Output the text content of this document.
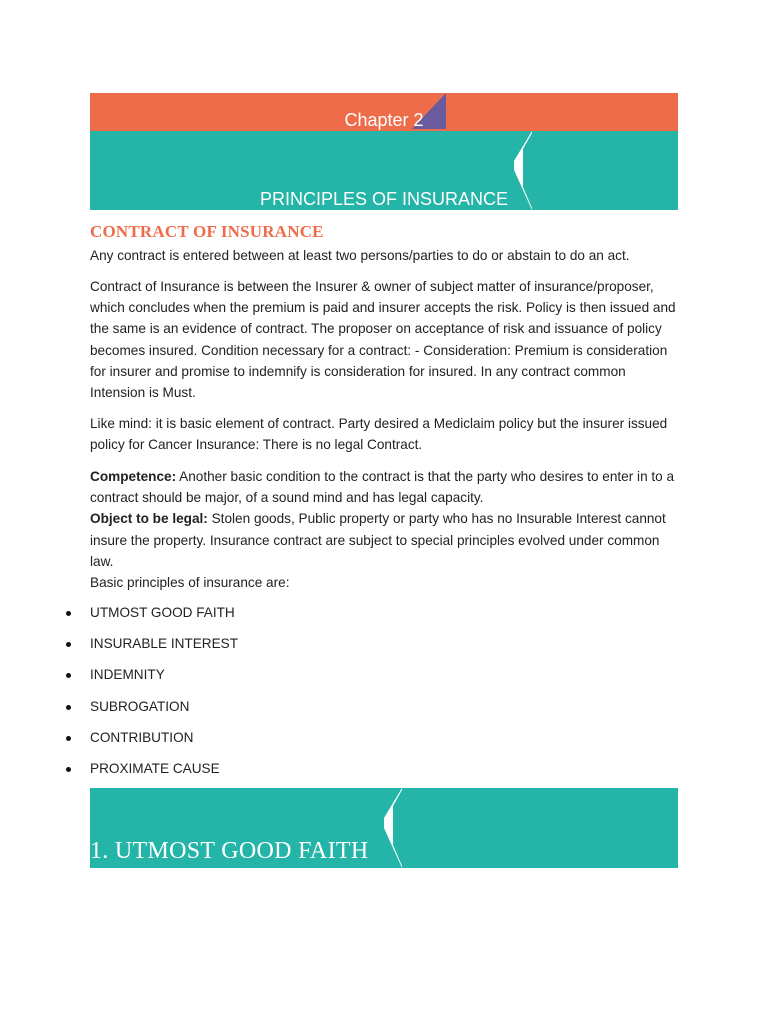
Chapter 2
PRINCIPLES OF INSURANCE
CONTRACT OF INSURANCE

Any contract is entered between at least two persons/parties to do or abstain to do an act.

Contract of Insurance is between the Insurer & owner of subject matter of insurance/proposer, which concludes when the premium is paid and insurer accepts the risk. Policy is then issued and the same is an evidence of contract. The proposer on acceptance of risk and issuance of policy becomes insured. Condition necessary for a contract: - Consideration: Premium is consideration for insurer and promise to indemnify is consideration for insured. In any contract common Intension is Must.

Like mind: it is basic element of contract. Party desired a Mediclaim policy but the insurer issued policy for Cancer Insurance: There is no legal Contract.

Competence: Another basic condition to the contract is that the party who desires to enter in to a contract should be major, of a sound mind and has legal capacity.

Object to be legal: Stolen goods, Public property or party who has no Insurable Interest cannot insure the property. Insurance contract are subject to special principles evolved under common law.

Basic principles of insurance are:

UTMOST GOOD FAITH
INSURABLE INTEREST
INDEMNITY
SUBROGATION
CONTRIBUTION
PROXIMATE CAUSE
1. UTMOST GOOD FAITH
